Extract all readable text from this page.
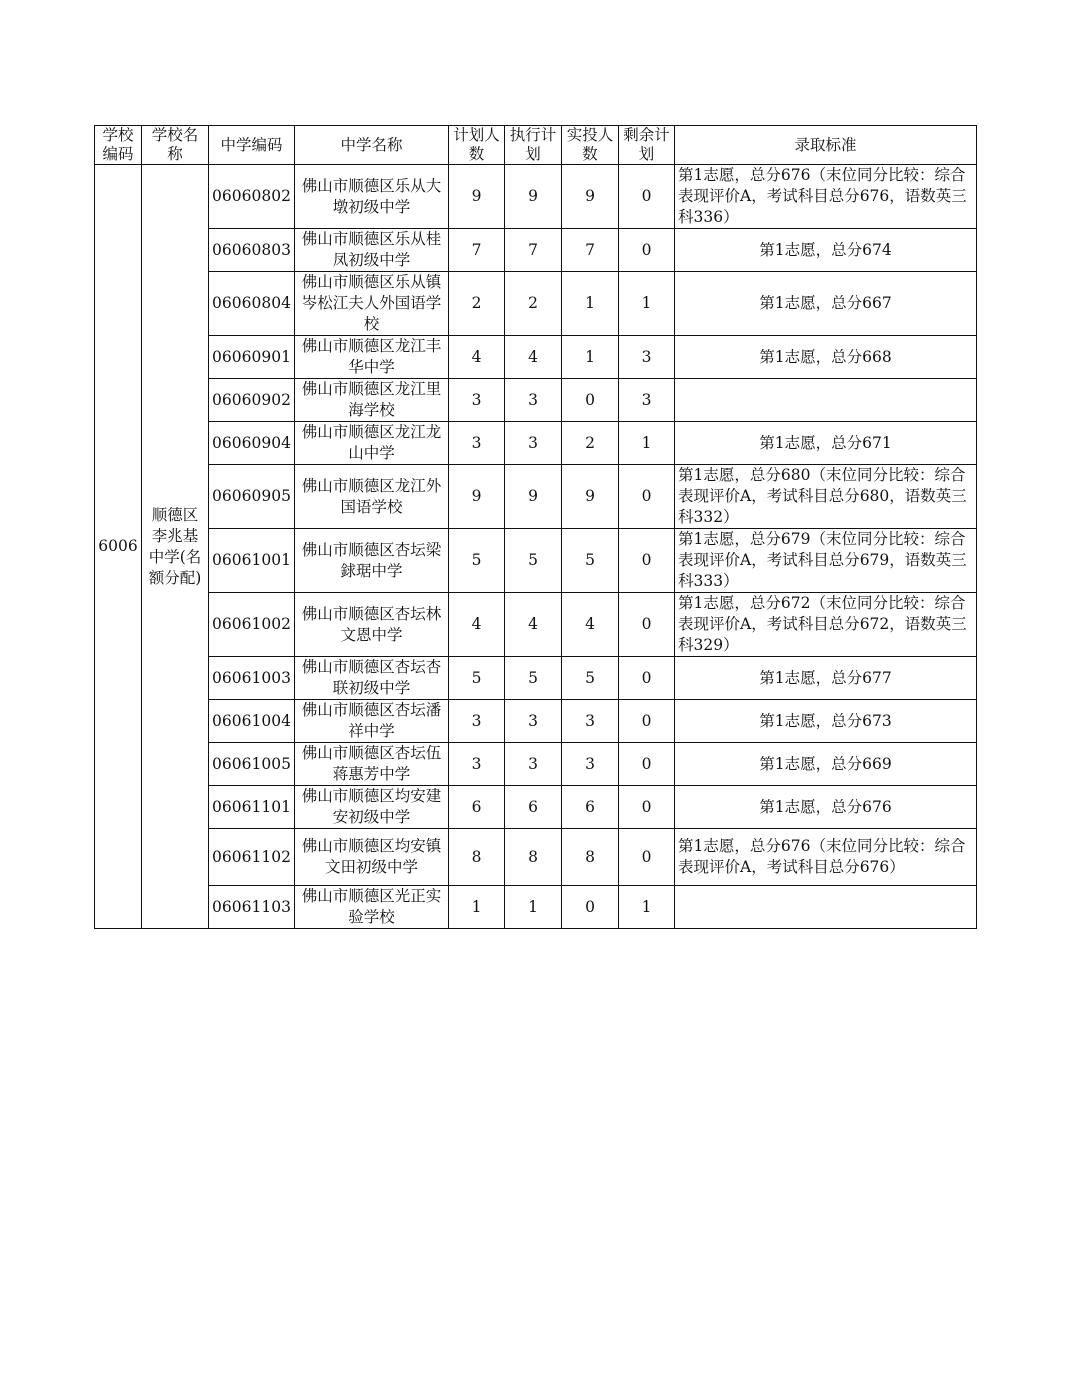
学校编码	学校名称	中学编码	中学名称	计划人数	执行计划	实投人数	剩余计划	录取标准
6006	顺德区李兆基中学(名额分配)	06060802	佛山市顺德区乐从大墩初级中学	9	9	9	0	第1志愿，总分676（末位同分比较：综合表现评价A，考试科目总分676，语数英三科336）
		06060803	佛山市顺德区乐从桂凤初级中学	7	7	7	0	第1志愿，总分674
		06060804	佛山市顺德区乐从镇岑松江夫人外国语学校	2	2	1	1	第1志愿，总分667
		06060901	佛山市顺德区龙江丰华中学	4	4	1	3	第1志愿，总分668
		06060902	佛山市顺德区龙江里海学校	3	3	0	3	
		06060904	佛山市顺德区龙江龙山中学	3	3	2	1	第1志愿，总分671
		06060905	佛山市顺德区龙江外国语学校	9	9	9	0	第1志愿，总分680（末位同分比较：综合表现评价A，考试科目总分680，语数英三科332）
		06061001	佛山市顺德区杏坛梁銶琚中学	5	5	5	0	第1志愿，总分679（末位同分比较：综合表现评价A，考试科目总分679，语数英三科333）
		06061002	佛山市顺德区杏坛林文恩中学	4	4	4	0	第1志愿，总分672（末位同分比较：综合表现评价A，考试科目总分672，语数英三科329）
		06061003	佛山市顺德区杏坛杏联初级中学	5	5	5	0	第1志愿，总分677
		06061004	佛山市顺德区杏坛潘祥中学	3	3	3	0	第1志愿，总分673
		06061005	佛山市顺德区杏坛伍蒋惠芳中学	3	3	3	0	第1志愿，总分669
		06061101	佛山市顺德区均安建安初级中学	6	6	6	0	第1志愿，总分676
		06061102	佛山市顺德区均安镇文田初级中学	8	8	8	0	第1志愿，总分676（末位同分比较：综合表现评价A，考试科目总分676）
		06061103	佛山市顺德区光正实验学校	1	1	0	1	
